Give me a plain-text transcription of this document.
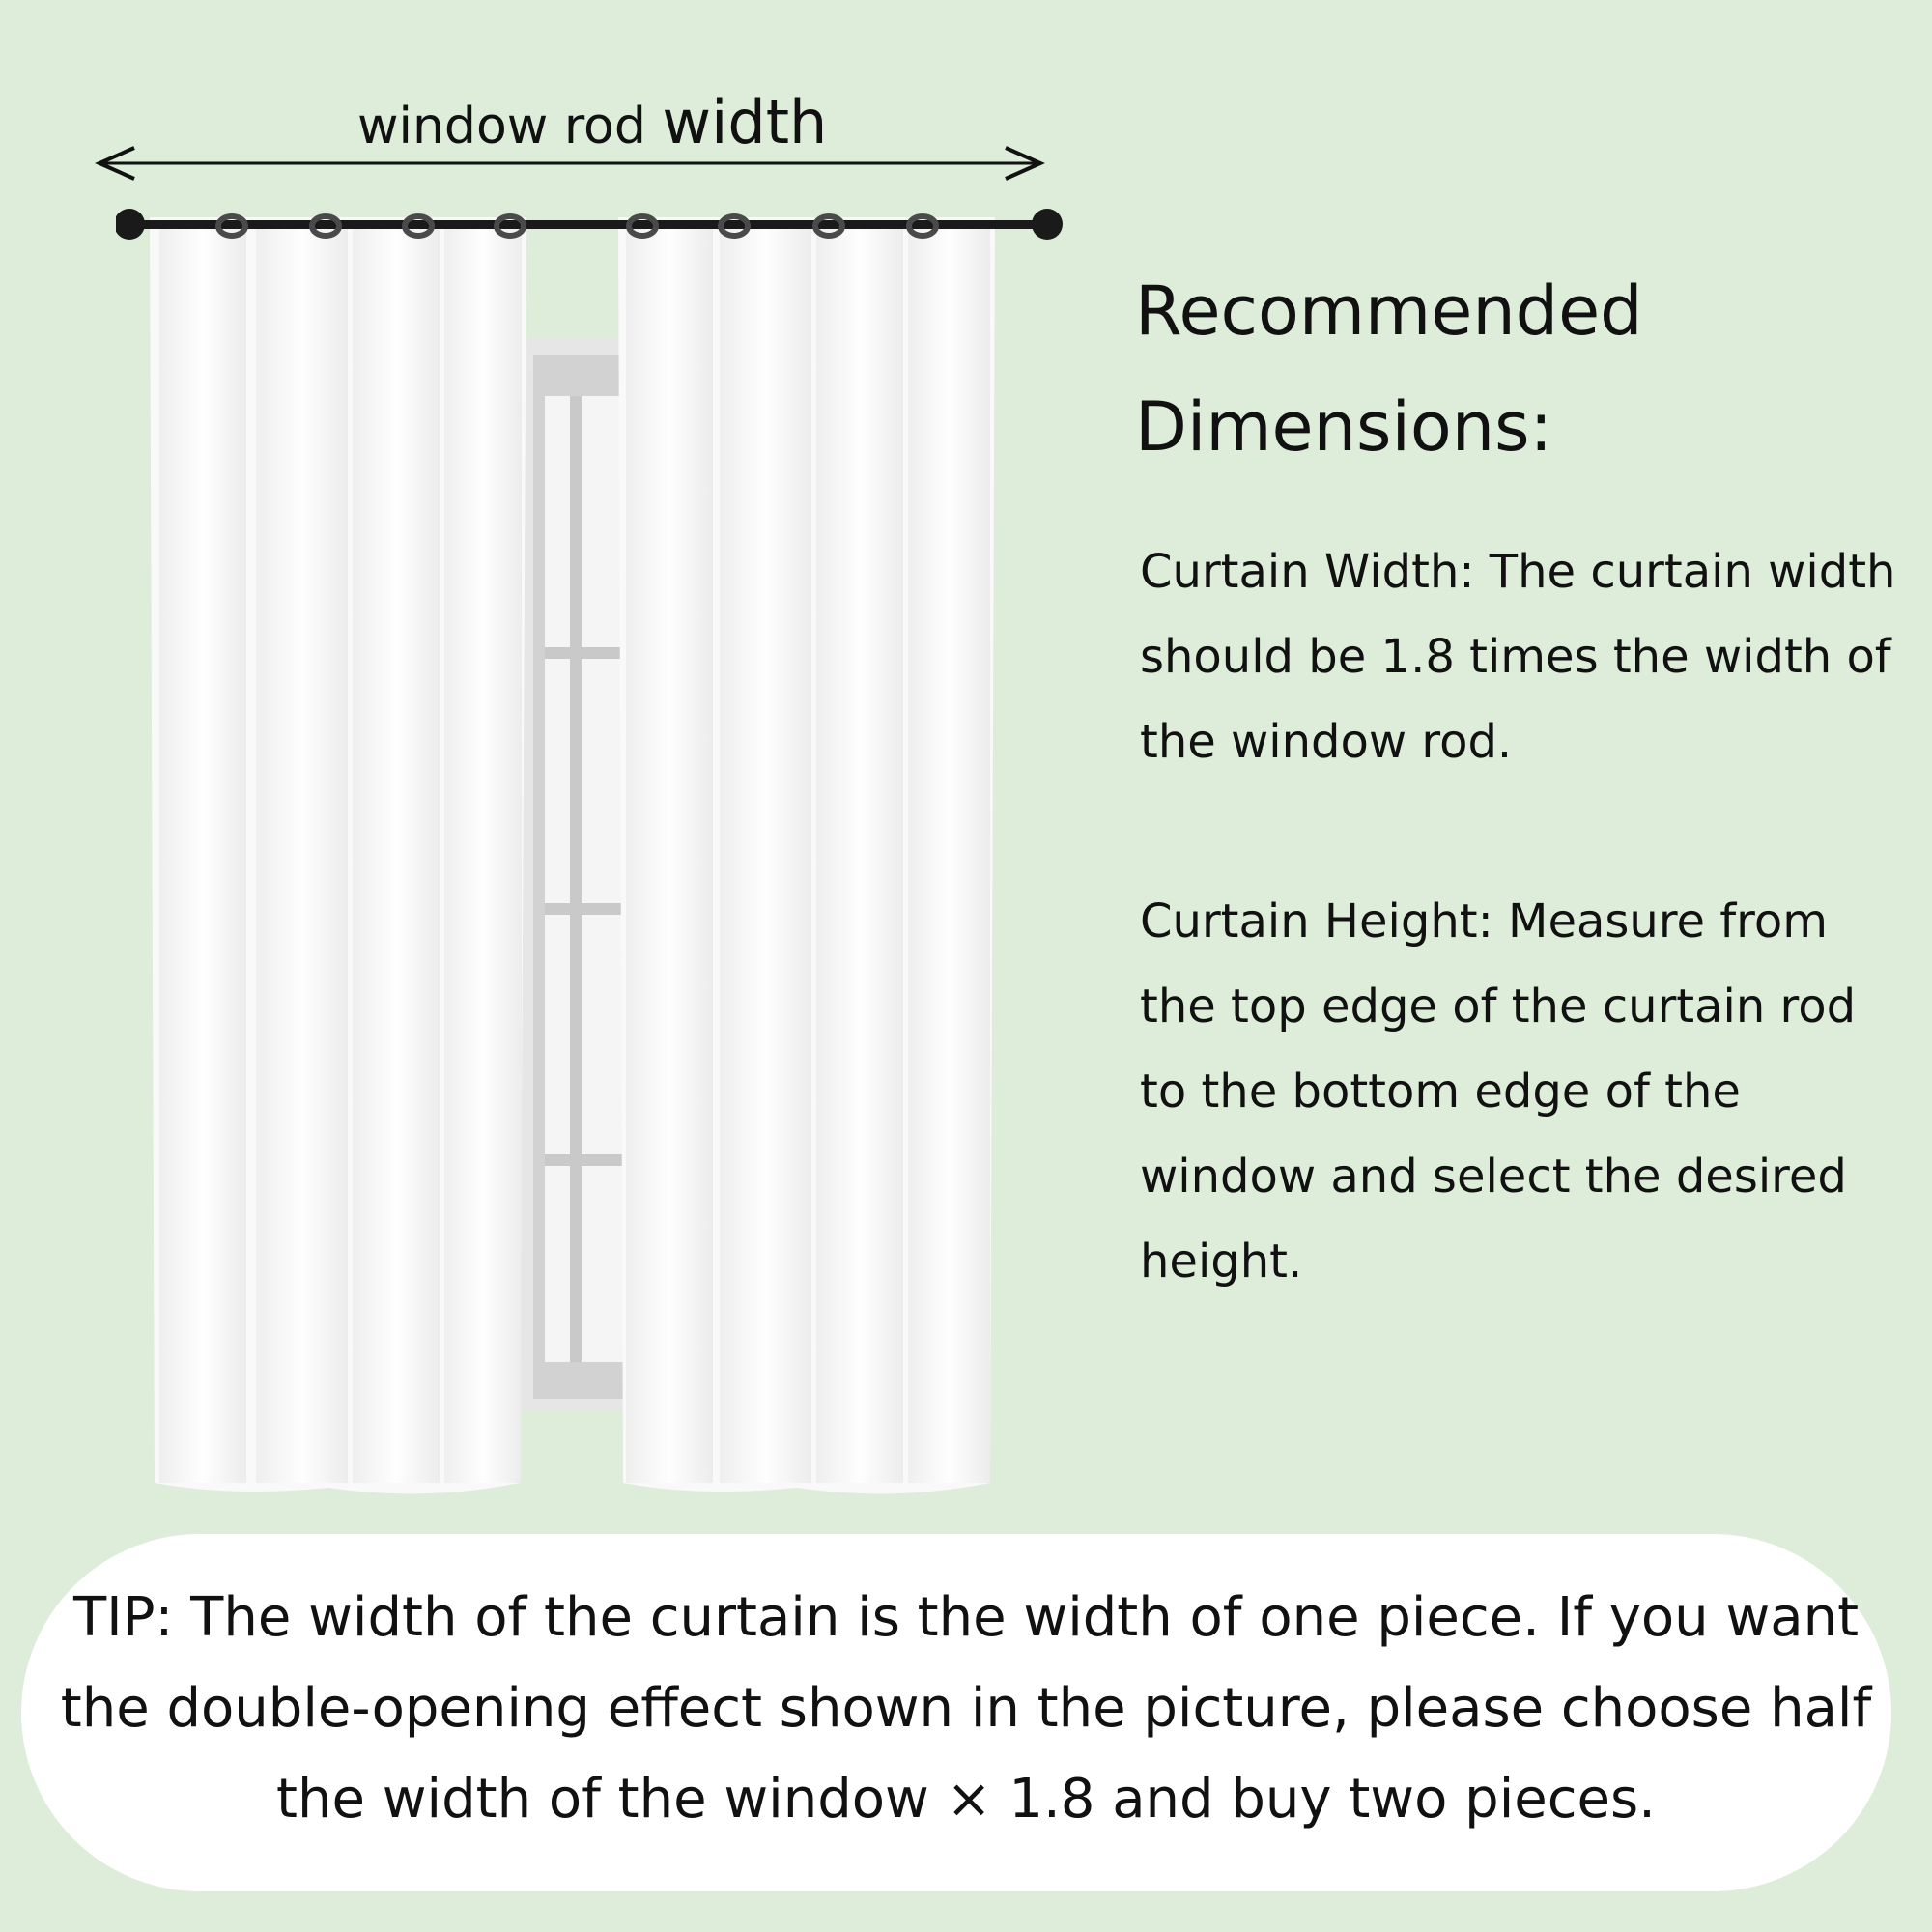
window rod width
Recommended
Dimensions:

Curtain Width: The curtain width
should be 1.8 times the width of
the window rod.

Curtain Height: Measure from
the top edge of the curtain rod
to the bottom edge of the
window and select the desired
height.

TIP: The width of the curtain is the width of one piece. If you want
the double-opening effect shown in the picture, please choose half
the width of the window × 1.8 and buy two pieces.
